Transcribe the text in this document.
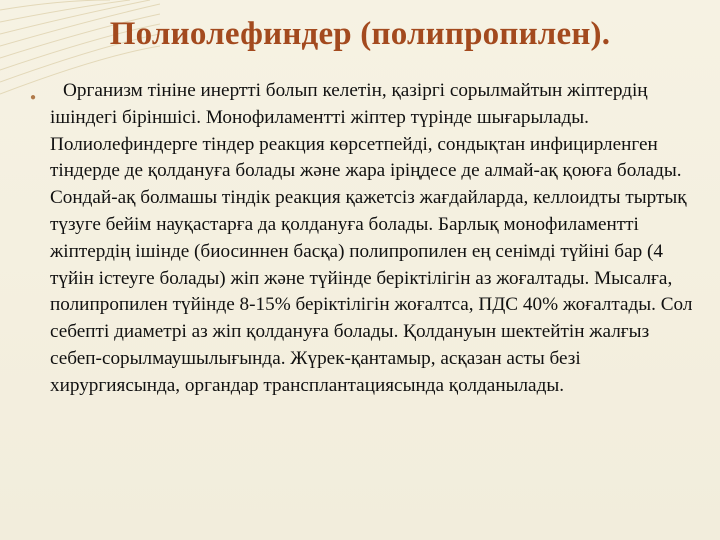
Полиолефиндер (полипропилен).
●	Организм тініне инертті болып келетін, қазіргі сорылмайтын жіптердің ішіндегі біріншісі. Монофиламентті жіптер түрінде шығарылады. Полиолефиндерге тіндер реакция көрсетпейді, сондықтан инфицирленген тіндерде де қолдануға болады және жара іріңдесе де алмай-ақ қоюға болады. Сондай-ақ болмашы тіндік реакция қажетсіз жағдайларда, келлоидты тыртық түзуге бейім науқастарға да қолдануға болады. Барлық монофиламентті жіптердің ішінде (биосиннен басқа) полипропилен ең сенімді түйіні бар (4 түйін істеуге болады) жіп және түйінде беріктілігін аз жоғалтады. Мысалға, полипропилен түйінде 8-15% беріктілігін жоғалтса, ПДС 40% жоғалтады. Сол себепті диаметрі аз жіп қолдануға болады. Қолдануын шектейтін жалғыз себеп-сорылмаушылығында. Жүрек-қантамыр, асқазан асты безі хирургиясында, органдар трансплантациясында қолданылады.
